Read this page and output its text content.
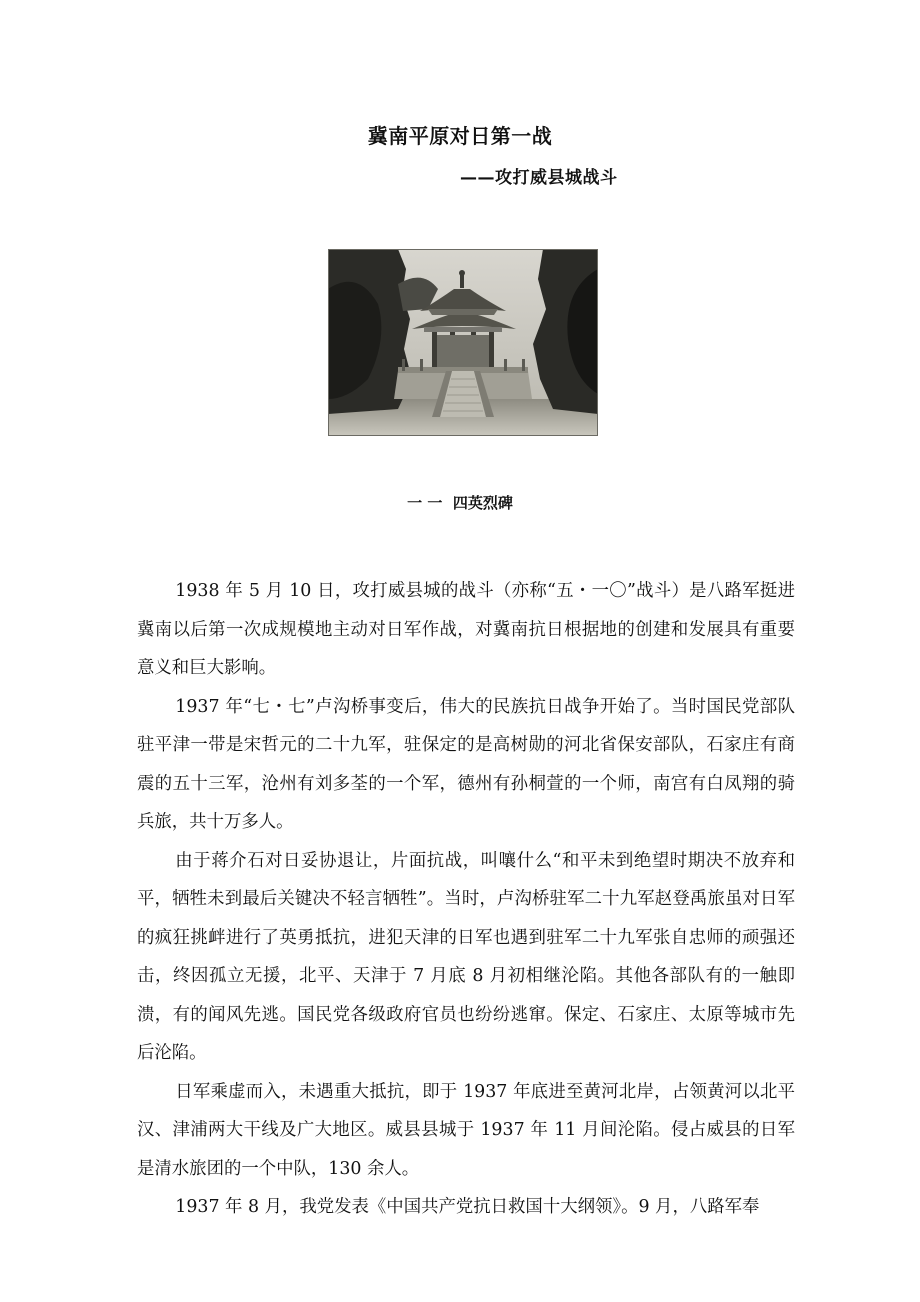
冀南平原对日第一战
——攻打威县城战斗
一 一  四英烈碑

1938 年 5 月 10 日，攻打威县城的战斗（亦称“五・一〇”战斗）是八路军挺进冀南以后第一次成规模地主动对日军作战，对冀南抗日根据地的创建和发展具有重要意义和巨大影响。

1937 年“七・七”卢沟桥事变后，伟大的民族抗日战争开始了。当时国民党部队驻平津一带是宋哲元的二十九军，驻保定的是高树勋的河北省保安部队，石家庄有商震的五十三军，沧州有刘多荃的一个军，德州有孙桐萱的一个师，南宫有白凤翔的骑兵旅，共十万多人。

由于蒋介石对日妥协退让，片面抗战，叫嚷什么“和平未到绝望时期决不放弃和平，牺牲未到最后关键决不轻言牺牲”。当时，卢沟桥驻军二十九军赵登禹旅虽对日军的疯狂挑衅进行了英勇抵抗，进犯天津的日军也遇到驻军二十九军张自忠师的顽强还击，终因孤立无援，北平、天津于 7 月底 8 月初相继沦陷。其他各部队有的一触即溃，有的闻风先逃。国民党各级政府官员也纷纷逃窜。保定、石家庄、太原等城市先后沦陷。

日军乘虚而入，未遇重大抵抗，即于 1937 年底进至黄河北岸，占领黄河以北平汉、津浦两大干线及广大地区。威县县城于 1937 年 11 月间沦陷。侵占威县的日军是清水旅团的一个中队，130 余人。

1937 年 8 月，我党发表《中国共产党抗日救国十大纲领》。9 月，八路军奉
